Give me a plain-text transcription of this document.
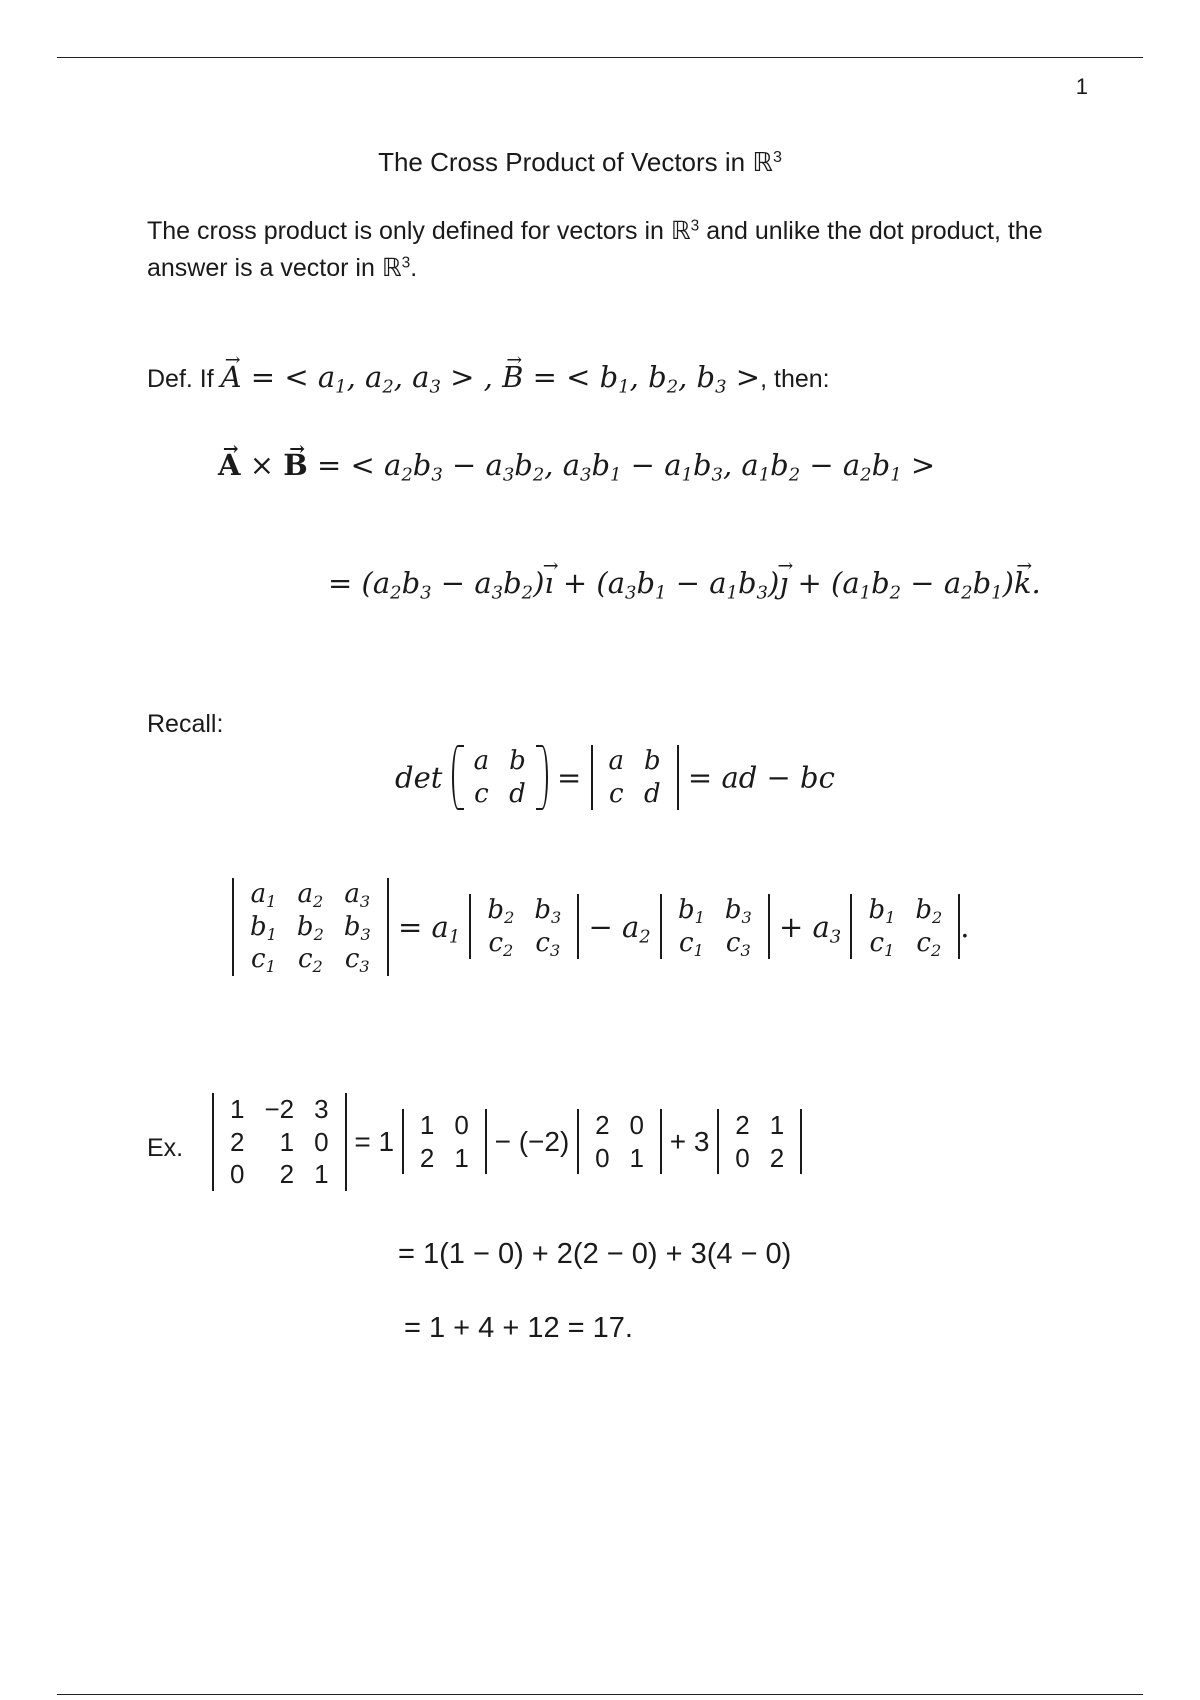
1
The Cross Product of Vectors in ℝ$^3$
The cross product is only defined for vectors in ℝ$^3$ and unlike the dot product, the
answer is a vector in ℝ$^3$.
Def. If → A = < $a_1$, $a_2$, $a_3$ > , → B = < $b_1$, $b_2$, $b_3$ >, then:
→ A × → B = < $a_2b_3 - a_3b_2$, $a_3b_1 - a_1b_3$, $a_1b_2 - a_2b_1$ >
= $(a_2b_3 - a_3b_2)\to$ ı + $(a_3b_1 - a_1b_3)\to$ ȷ + $(a_1b_2 - a_2b_1)\to k$.
Recall:
det a	b
c	d = a	b
c	d = ad − bc
$a_1$	$a_2$	$a_3$
$b_1$	$b_2$	$b_3$
$c_1$	$c_2$	$c_3$
= $a_1$
$b_2$	$b_3$
$c_2$	$c_3$
− $a_2$
$b_1$	$b_3$
$c_1$	$c_3$
+ $a_3$
$b_1$	$b_2$
$c_1$	$c_2$
.
Ex.
1	−2	3
2	1	0
0	2	1
= 1
1	0
2	1
− (−2)
2	0
0	1
+ 3
2	1
0	2
= 1(1 − 0) + 2(2 − 0) + 3(4 − 0)
= 1 + 4 + 12 = 17.
